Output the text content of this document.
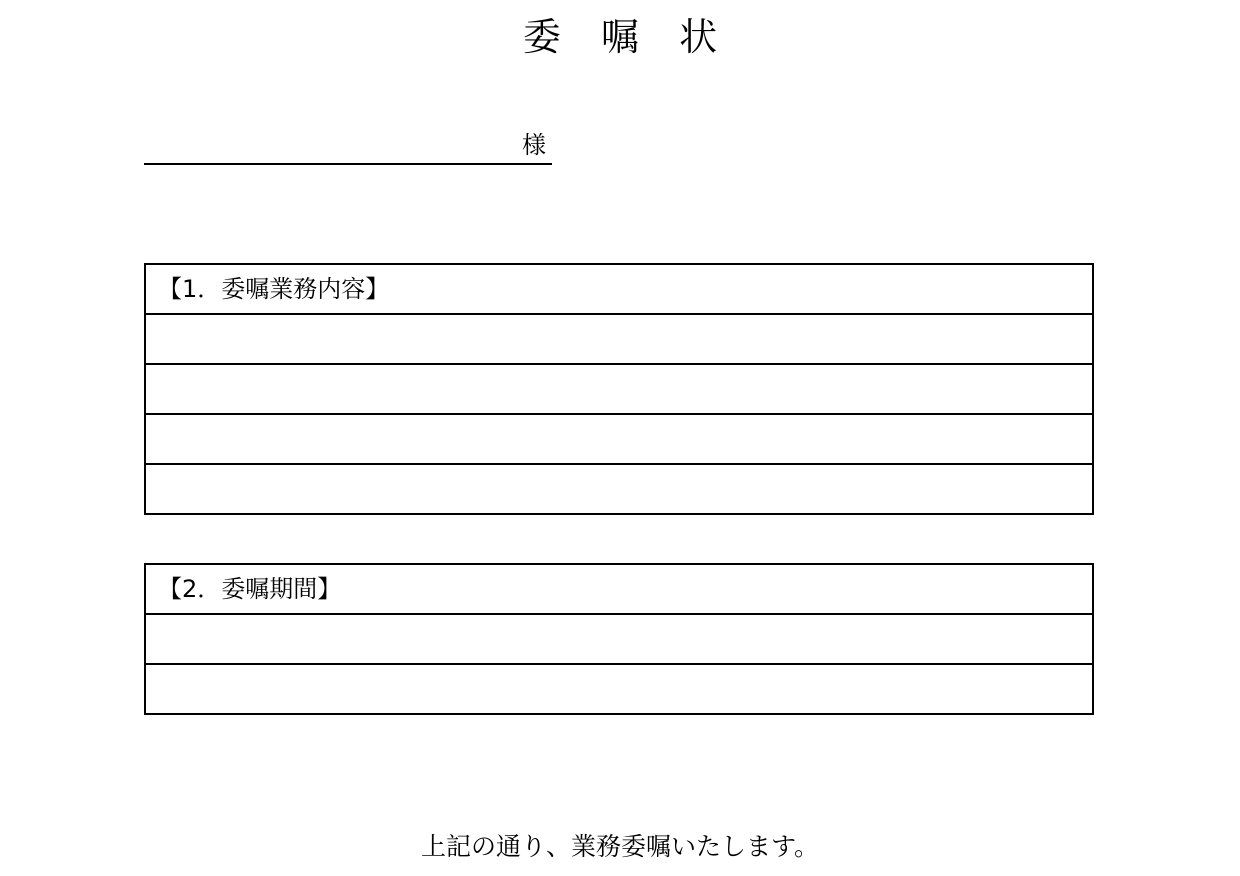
委 嘱 状
様
【1．委嘱業務内容】
【2．委嘱期間】
上記の通り、業務委嘱いたします。
